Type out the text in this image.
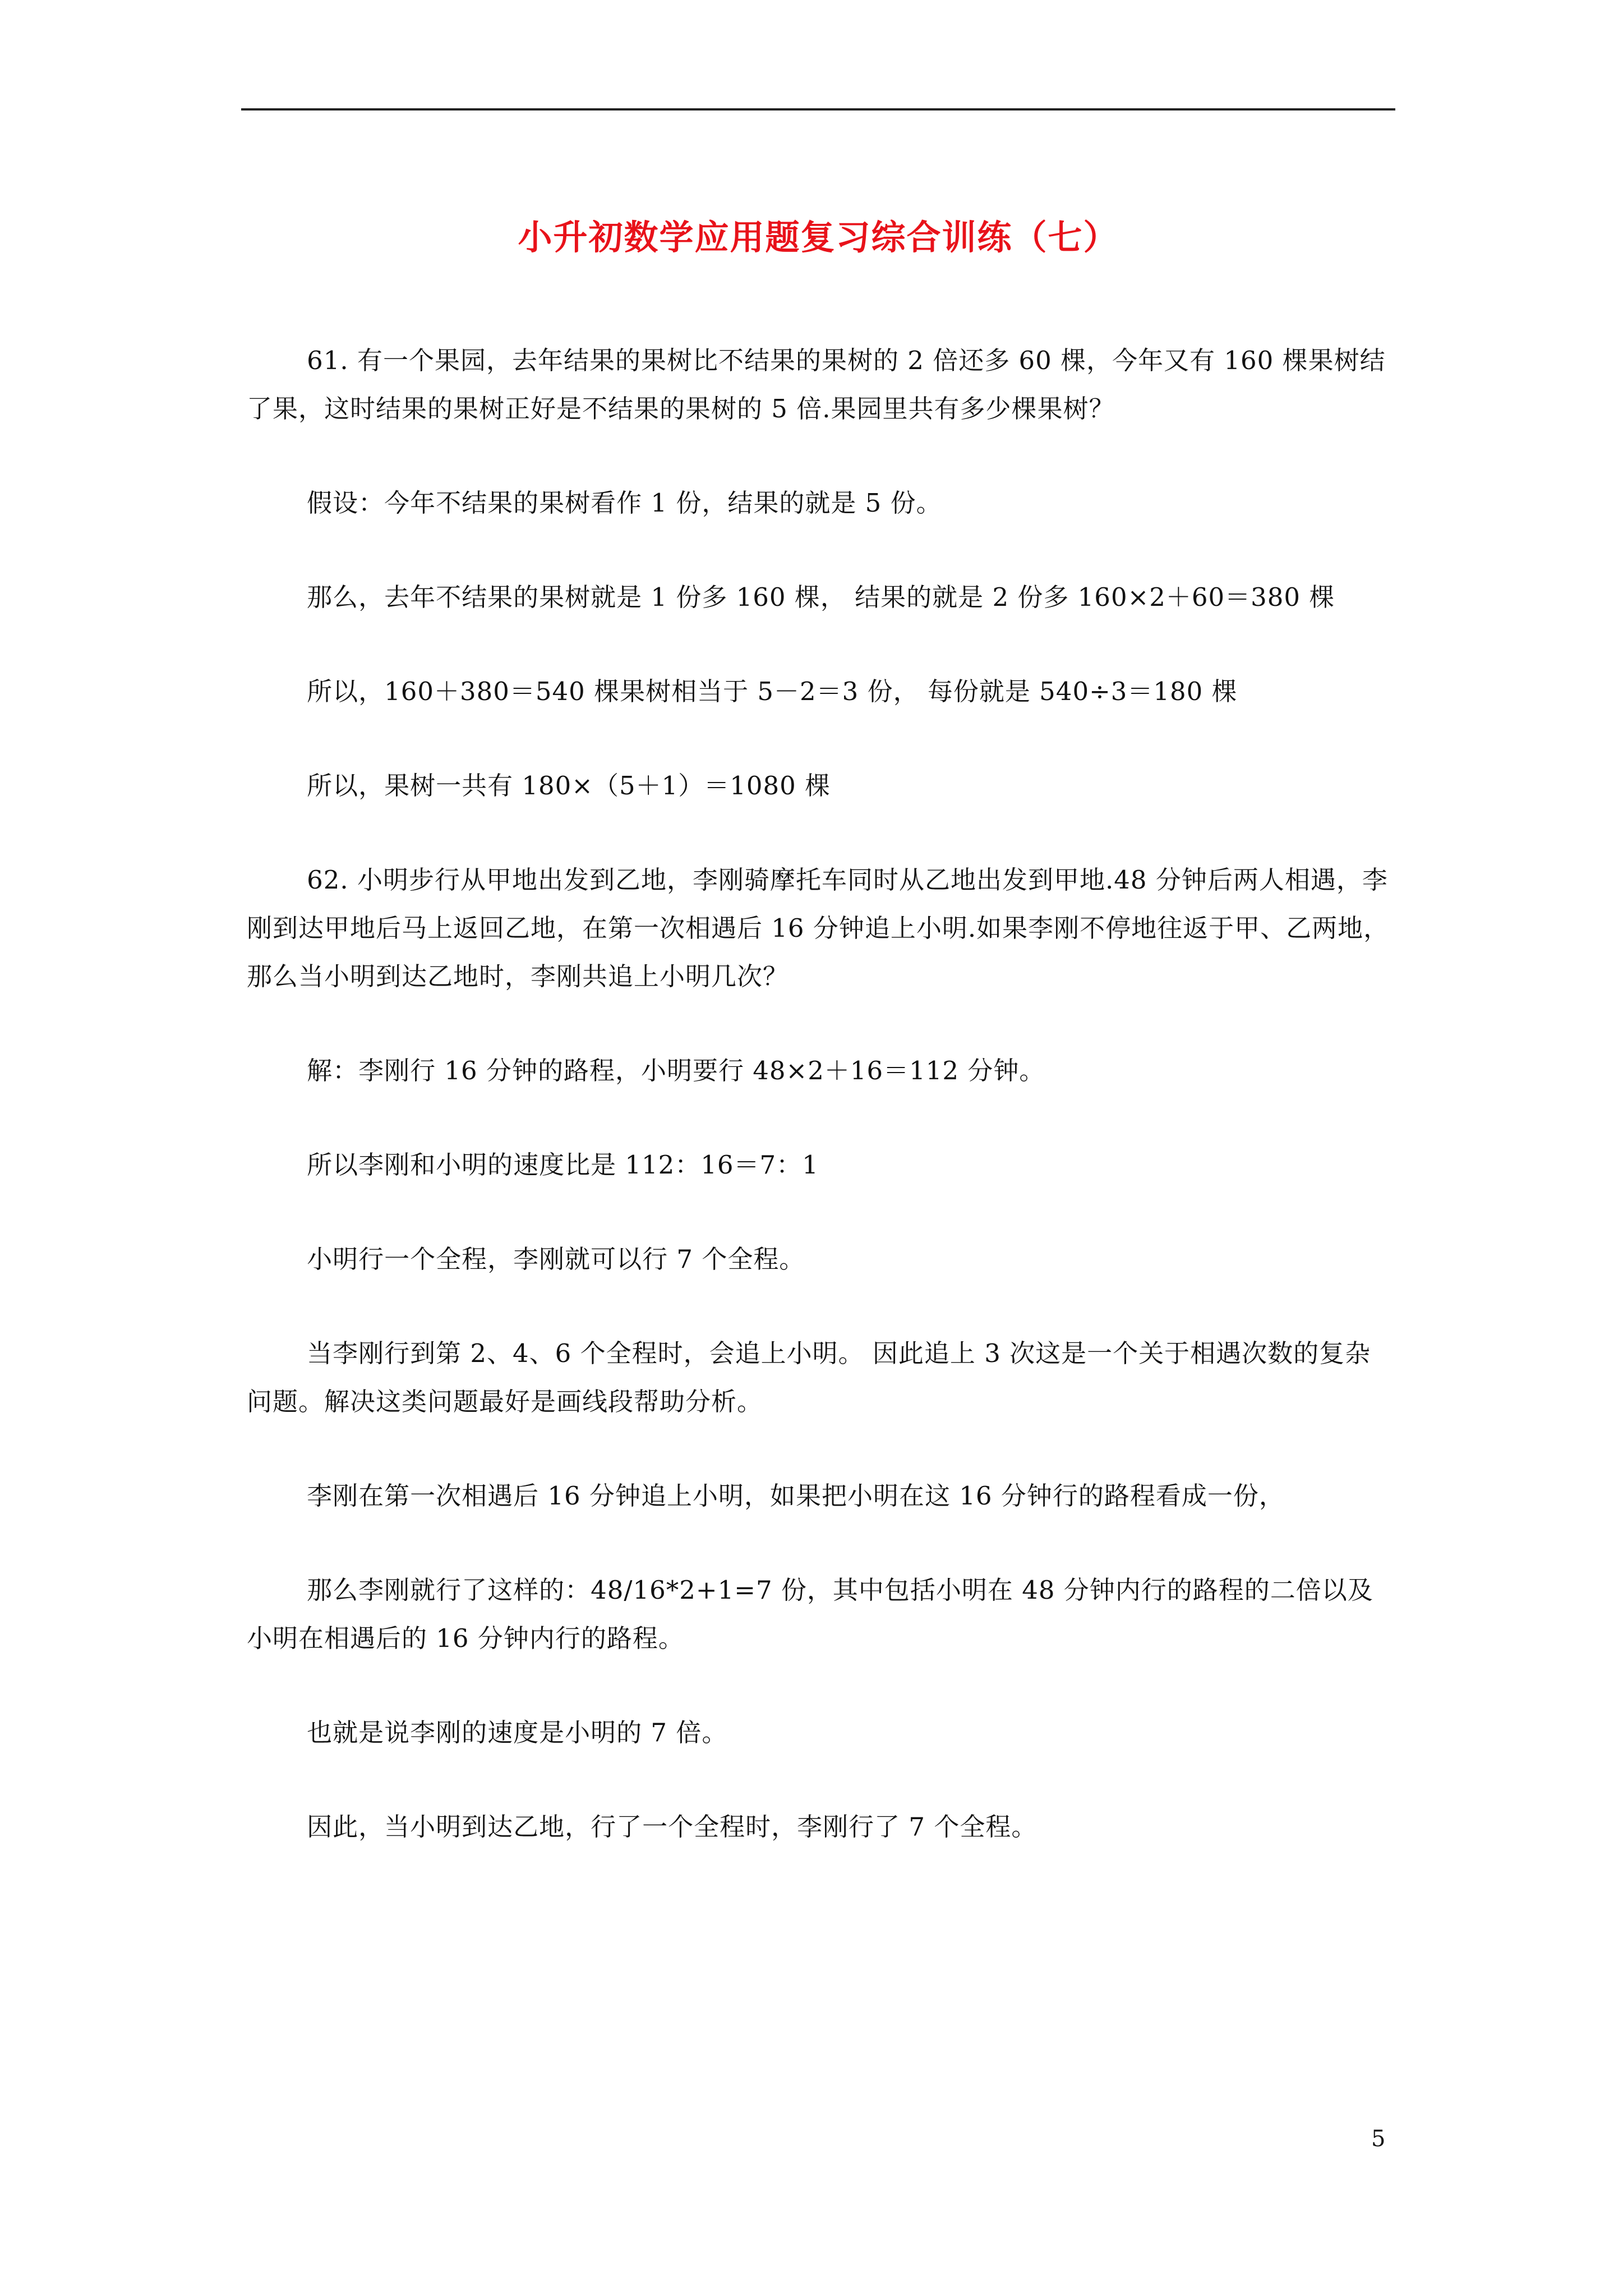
小升初数学应用题复习综合训练（七）

61. 有一个果园，去年结果的果树比不结果的果树的 2 倍还多 60 棵，今年又有 160 棵果树结了果，这时结果的果树正好是不结果的果树的 5 倍.果园里共有多少棵果树？

假设：今年不结果的果树看作 1 份，结果的就是 5 份。

那么，去年不结果的果树就是 1 份多 160 棵， 结果的就是 2 份多 160×2＋60＝380 棵

所以，160＋380＝540 棵果树相当于 5－2＝3 份， 每份就是 540÷3＝180 棵

所以，果树一共有 180×（5＋1）＝1080 棵

62. 小明步行从甲地出发到乙地，李刚骑摩托车同时从乙地出发到甲地.48 分钟后两人相遇，李刚到达甲地后马上返回乙地，在第一次相遇后 16 分钟追上小明.如果李刚不停地往返于甲、乙两地，那么当小明到达乙地时，李刚共追上小明几次？

解：李刚行 16 分钟的路程，小明要行 48×2＋16＝112 分钟。

所以李刚和小明的速度比是 112：16＝7：1

小明行一个全程，李刚就可以行 7 个全程。

当李刚行到第 2、4、6 个全程时，会追上小明。 因此追上 3 次这是一个关于相遇次数的复杂问题。解决这类问题最好是画线段帮助分析。

李刚在第一次相遇后 16 分钟追上小明，如果把小明在这 16 分钟行的路程看成一份，

那么李刚就行了这样的：48/16*2+1=7 份，其中包括小明在 48 分钟内行的路程的二倍以及小明在相遇后的 16 分钟内行的路程。

也就是说李刚的速度是小明的 7 倍。

因此，当小明到达乙地，行了一个全程时，李刚行了 7 个全程。

5
